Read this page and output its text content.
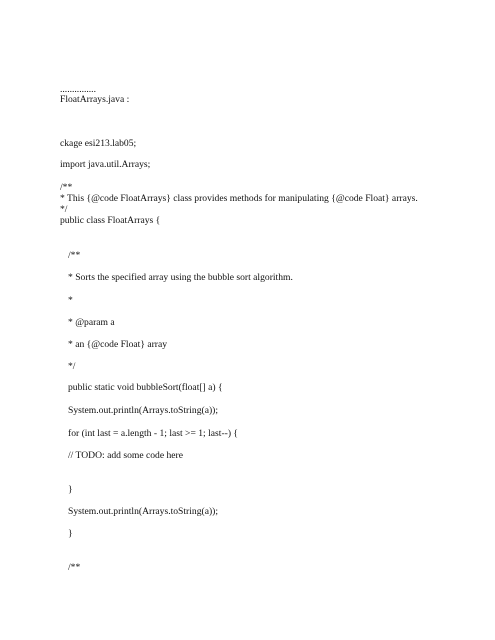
...............
FloatArrays.java :
ckage esi213.lab05;
import java.util.Arrays;
/**
* This {@code FloatArrays} class provides methods for manipulating {@code Float} arrays.
*/
public class FloatArrays {
/**
* Sorts the specified array using the bubble sort algorithm.
*
* @param a
* an {@code Float} array
*/
public static void bubbleSort(float[] a) {
System.out.println(Arrays.toString(a));
for (int last = a.length - 1; last >= 1; last--) {
// TODO: add some code here
}
System.out.println(Arrays.toString(a));
}
/**
